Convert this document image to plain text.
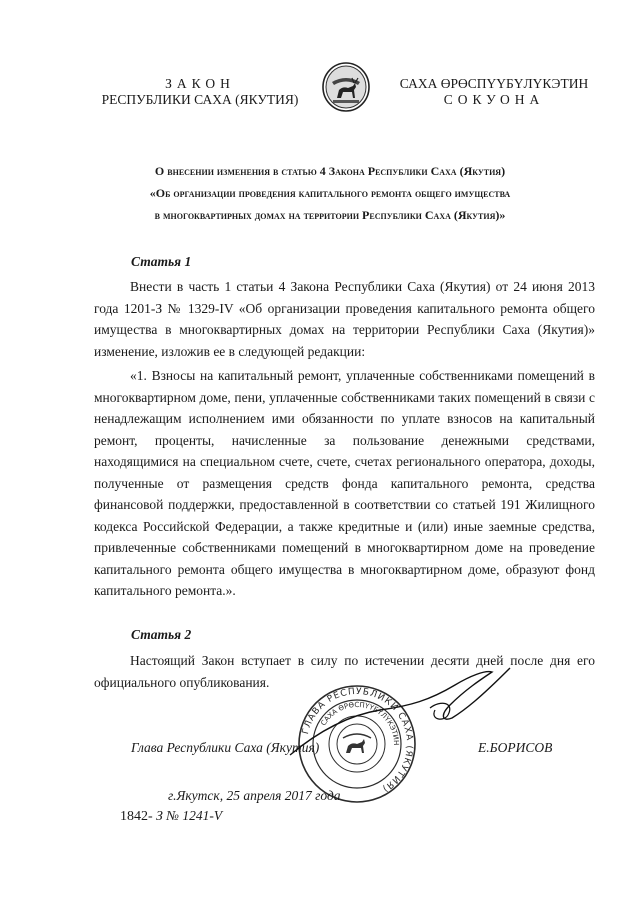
ЗАКОН
РЕСПУБЛИКИ САХА (ЯКУТИЯ)
САХА ӨРӨСПҮҮБҮЛҮКЭТИН
СОКУОНА
О внесении изменения в статью 4 Закона Республики Саха (Якутия)
«Об организации проведения капитального ремонта общего имущества
в многоквартирных домах на территории Республики Саха (Якутия)»
Статья 1
Внести в часть 1 статьи 4 Закона Республики Саха (Якутия) от 24 июня 2013 года 1201-З № 1329-IV «Об организации проведения капитального ремонта общего имущества в многоквартирных домах на территории Республики Саха (Якутия)» изменение, изложив ее в следующей редакции:
«1. Взносы на капитальный ремонт, уплаченные собственниками помещений в многоквартирном доме, пени, уплаченные собственниками таких помещений в связи с ненадлежащим исполнением ими обязанности по уплате взносов на капитальный ремонт, проценты, начисленные за пользование денежными средствами, находящимися на специальном счете, счете, счетах регионального оператора, доходы, полученные от размещения средств фонда капитального ремонта, средства финансовой поддержки, предоставленной в соответствии со статьей 191 Жилищного кодекса Российской Федерации, а также кредитные и (или) иные заемные средства, привлеченные собственниками помещений в многоквартирном доме на проведение капитального ремонта общего имущества в многоквартирном доме, образуют фонд капитального ремонта.».
Статья 2
Настоящий Закон вступает в силу по истечении десяти дней после дня его официального опубликования.
ГЛАВА РЕСПУБЛИКИ САХА (ЯКУТИЯ)
САХА ӨРӨСПҮҮБҮЛҮКЭТИН
Глава Республики Саха (Якутия)	Е.БОРИСОВ
г.Якутск, 25 апреля 2017 года
1842- З № 1241-V
